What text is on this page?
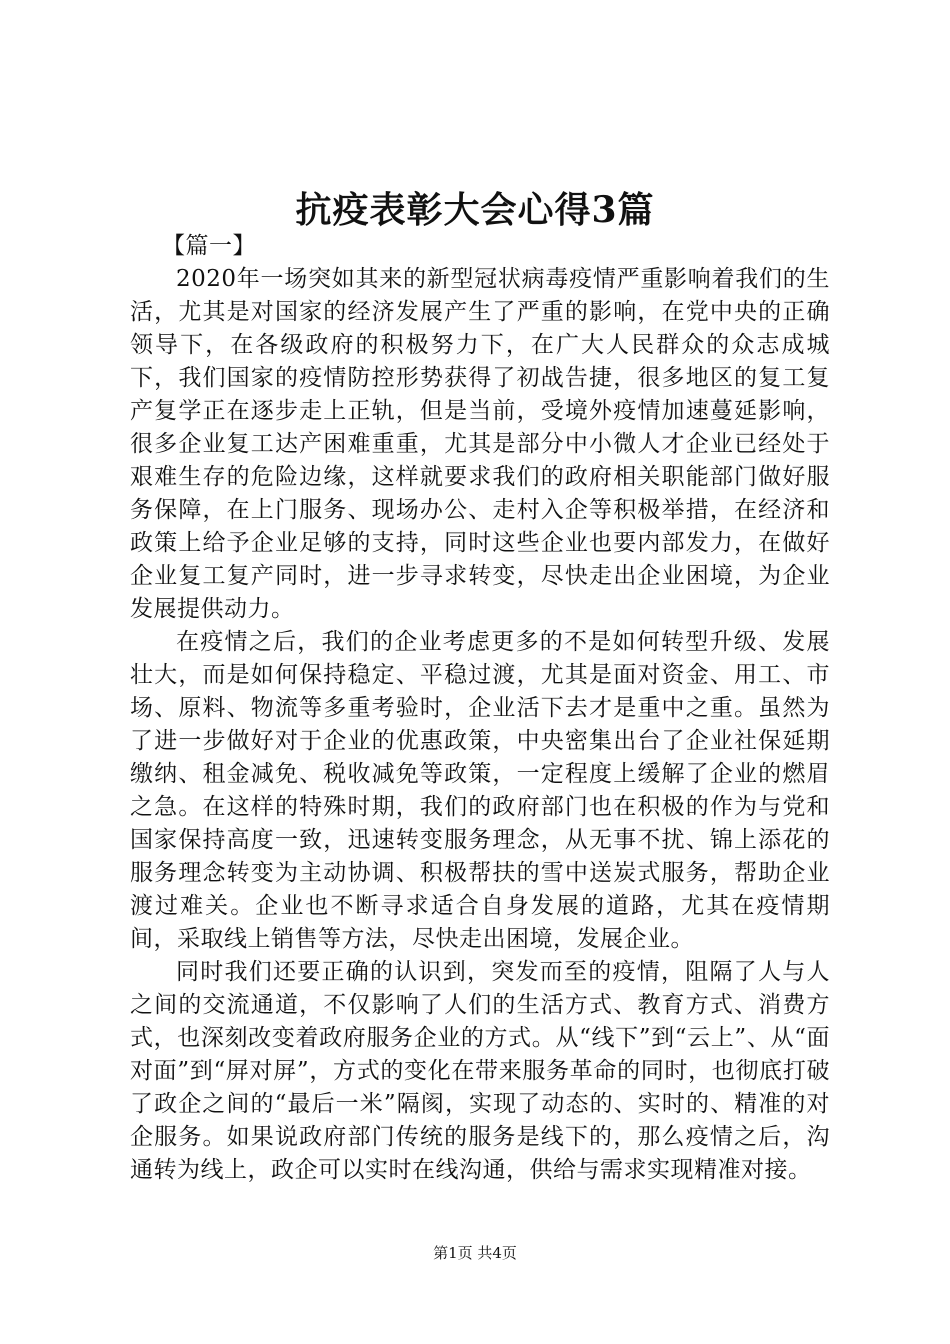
抗疫表彰大会心得3篇

【篇一】

2020年一场突如其来的新型冠状病毒疫情严重影响着我们的生活，尤其是对国家的经济发展产生了严重的影响，在党中央的正确领导下，在各级政府的积极努力下，在广大人民群众的众志成城下，我们国家的疫情防控形势获得了初战告捷，很多地区的复工复产复学正在逐步走上正轨，但是当前，受境外疫情加速蔓延影响，很多企业复工达产困难重重，尤其是部分中小微人才企业已经处于艰难生存的危险边缘，这样就要求我们的政府相关职能部门做好服务保障，在上门服务、现场办公、走村入企等积极举措，在经济和政策上给予企业足够的支持，同时这些企业也要内部发力，在做好企业复工复产同时，进一步寻求转变，尽快走出企业困境，为企业发展提供动力。

在疫情之后，我们的企业考虑更多的不是如何转型升级、发展壮大，而是如何保持稳定、平稳过渡，尤其是面对资金、用工、市场、原料、物流等多重考验时，企业活下去才是重中之重。虽然为了进一步做好对于企业的优惠政策，中央密集出台了企业社保延期缴纳、租金减免、税收减免等政策，一定程度上缓解了企业的燃眉之急。在这样的特殊时期，我们的政府部门也在积极的作为与党和国家保持高度一致，迅速转变服务理念，从无事不扰、锦上添花的服务理念转变为主动协调、积极帮扶的雪中送炭式服务，帮助企业渡过难关。企业也不断寻求适合自身发展的道路，尤其在疫情期间，采取线上销售等方法，尽快走出困境，发展企业。

同时我们还要正确的认识到，突发而至的疫情，阻隔了人与人之间的交流通道，不仅影响了人们的生活方式、教育方式、消费方式，也深刻改变着政府服务企业的方式。从“线下”到“云上”、从“面对面”到“屏对屏”，方式的变化在带来服务革命的同时，也彻底打破了政企之间的“最后一米”隔阂，实现了动态的、实时的、精准的对企服务。如果说政府部门传统的服务是线下的，那么疫情之后，沟通转为线上，政企可以实时在线沟通，供给与需求实现精准对接。

第1页 共4页
